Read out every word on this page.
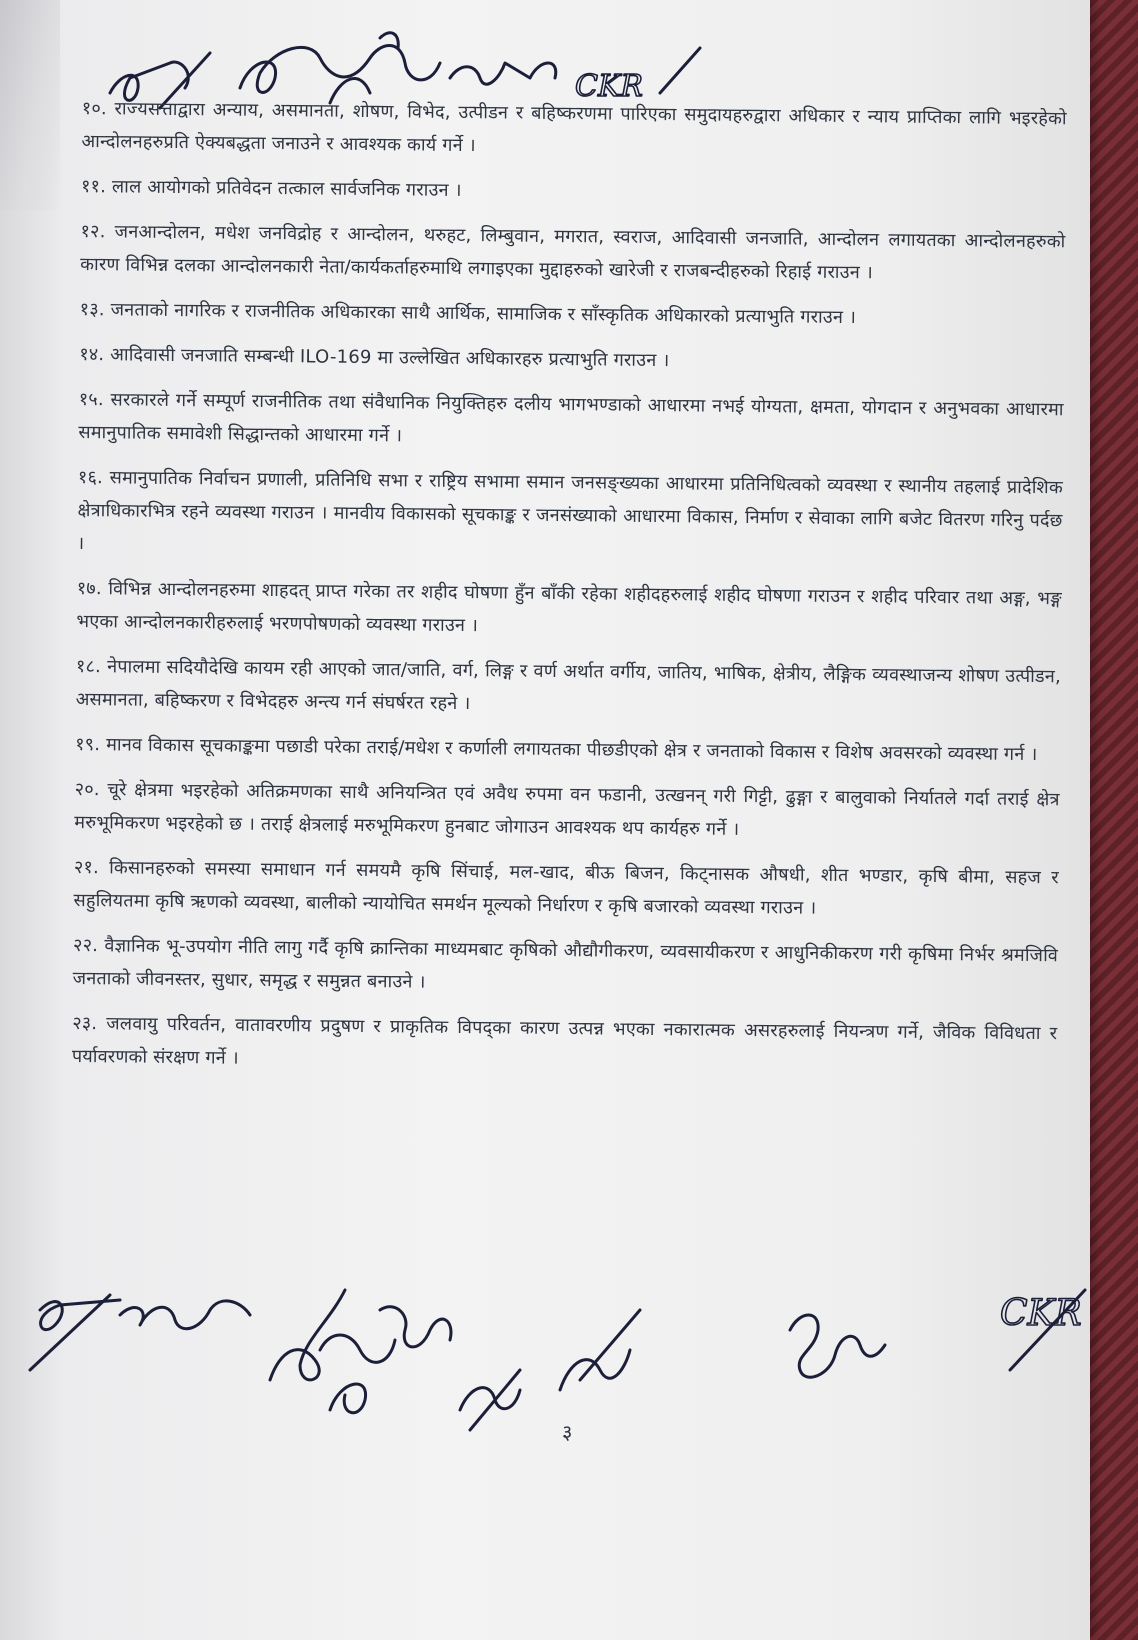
CKR

१०. राज्यसत्ताद्वारा अन्याय, असमानता, शोषण, विभेद, उत्पीडन र बहिष्करणमा पारिएका समुदायहरुद्वारा अधिकार र न्याय प्राप्तिका लागि भइरहेको आन्दोलनहरुप्रति ऐक्यबद्धता जनाउने र आवश्यक कार्य गर्ने ।

११. लाल आयोगको प्रतिवेदन तत्काल सार्वजनिक गराउन ।

१२. जनआन्दोलन, मधेश जनविद्रोह र आन्दोलन, थरुहट, लिम्बुवान, मगरात, स्वराज, आदिवासी जनजाति, आन्दोलन लगायतका आन्दोलनहरुको कारण विभिन्न दलका आन्दोलनकारी नेता/कार्यकर्ताहरुमाथि लगाइएका मुद्दाहरुको खारेजी र राजबन्दीहरुको रिहाई गराउन ।

१३. जनताको नागरिक र राजनीतिक अधिकारका साथै आर्थिक, सामाजिक र साँस्कृतिक अधिकारको प्रत्याभुति गराउन ।

१४. आदिवासी जनजाति सम्बन्धी ILO-169 मा उल्लेखित अधिकारहरु प्रत्याभुति गराउन ।

१५. सरकारले गर्ने सम्पूर्ण राजनीतिक तथा संवैधानिक नियुक्तिहरु दलीय भागभण्डाको आधारमा नभई योग्यता, क्षमता, योगदान र अनुभवका आधारमा समानुपातिक समावेशी सिद्धान्तको आधारमा गर्ने ।

१६. समानुपातिक निर्वाचन प्रणाली, प्रतिनिधि सभा र राष्ट्रिय सभामा समान जनसङ्ख्यका आधारमा प्रतिनिधित्वको व्यवस्था र स्थानीय तहलाई प्रादेशिक क्षेत्राधिकारभित्र रहने व्यवस्था गराउन । मानवीय विकासको सूचकाङ्क र जनसंख्याको आधारमा विकास, निर्माण र सेवाका लागि बजेट वितरण गरिनु पर्दछ ।

१७. विभिन्न आन्दोलनहरुमा शाहदत् प्राप्त गरेका तर शहीद घोषणा हुँन बाँकी रहेका शहीदहरुलाई शहीद घोषणा गराउन र शहीद परिवार तथा अङ्ग, भङ्ग भएका आन्दोलनकारीहरुलाई भरणपोषणको व्यवस्था गराउन ।

१८. नेपालमा सदियौदेखि कायम रही आएको जात/जाति, वर्ग, लिङ्ग र वर्ण अर्थात वर्गीय, जातिय, भाषिक, क्षेत्रीय, लैङ्गिक व्यवस्थाजन्य शोषण उत्पीडन, असमानता, बहिष्करण र विभेदहरु अन्त्य गर्न संघर्षरत रहने ।

१९. मानव विकास सूचकाङ्कमा पछाडी परेका तराई/मधेश र कर्णाली लगायतका पीछडीएको क्षेत्र र जनताको विकास र विशेष अवसरको व्यवस्था गर्न ।

२०. चूरे क्षेत्रमा भइरहेको अतिक्रमणका साथै अनियन्त्रित एवं अवैध रुपमा वन फडानी, उत्खनन् गरी गिट्टी, ढुङ्गा र बालुवाको निर्यातले गर्दा तराई क्षेत्र मरुभूमिकरण भइरहेको छ । तराई क्षेत्रलाई मरुभूमिकरण हुनबाट जोगाउन आवश्यक थप कार्यहरु गर्ने ।

२१. किसानहरुको समस्या समाधान गर्न समयमै कृषि सिंचाई, मल-खाद, बीऊ बिजन, किट्नासक औषधी, शीत भण्डार, कृषि बीमा, सहज र सहुलियतमा कृषि ऋणको व्यवस्था, बालीको न्यायोचित समर्थन मूल्यको निर्धारण र कृषि बजारको व्यवस्था गराउन ।

२२. वैज्ञानिक भू-उपयोग नीति लागु गर्दै कृषि क्रान्तिका माध्यमबाट कृषिको औद्यौगीकरण, व्यवसायीकरण र आधुनिकीकरण गरी कृषिमा निर्भर श्रमजिवि जनताको जीवनस्तर, सुधार, समृद्ध र समुन्नत बनाउने ।

२३. जलवायु परिवर्तन, वातावरणीय प्रदुषण र प्राकृतिक विपद्का कारण उत्पन्न भएका नकारात्मक असरहरुलाई नियन्त्रण गर्ने, जैविक विविधता र पर्यावरणको संरक्षण गर्ने ।

CKR
३
